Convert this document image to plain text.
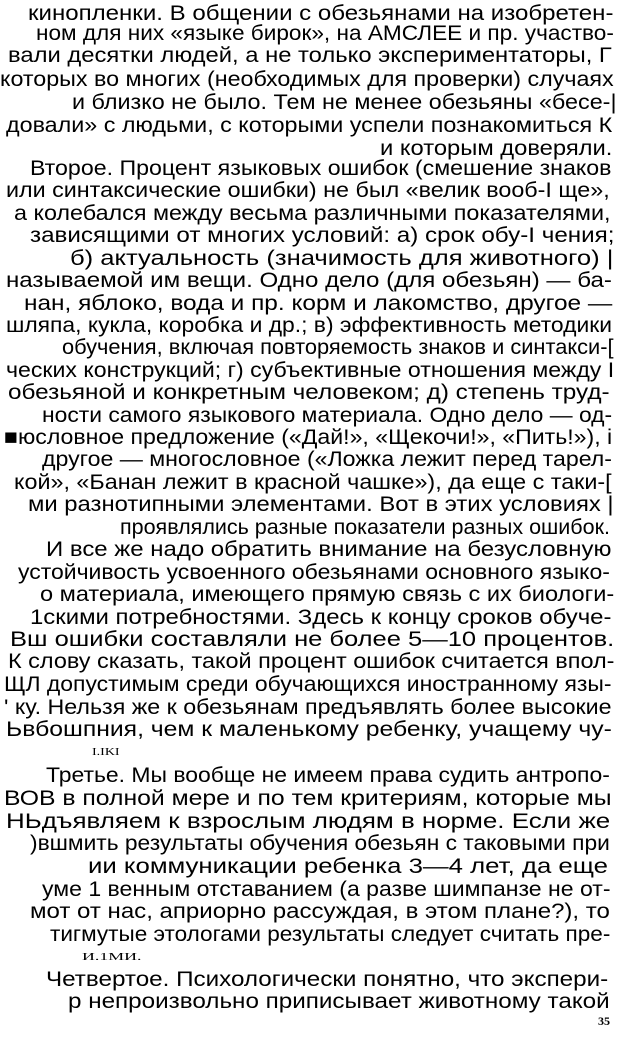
кинопленки. В общении с обезьянами на изобретен-
ном для них «языке бирок», на АМСЛЕЕ и пр. участво-
вали десятки людей, а не только экспериментаторы, Г
которых во многих (необходимых для проверки) случаях
и близко не было. Тем не менее обезьяны «бесе-|
довали» с людьми, с которыми успели познакомиться К
и которым доверяли.
Второе. Процент языковых ошибок (смешение знаков
или синтаксические ошибки) не был «велик вооб-I ще»,
а колебался между весьма различными показателями,
зависящими от многих условий: а) срок обу-I чения;
б) актуальность (значимость для животного) |
называемой им вещи. Одно дело (для обезьян) — ба-
нан, яблоко, вода и пр. корм и лакомство, другое —
шляпа, кукла, коробка и др.; в) эффективность методики
обучения, включая повторяемость знаков и синтакси-[
ческих конструкций; г) субъективные отношения между I
обезьяной и конкретным человеком; д) степень труд-
ности самого языкового материала. Одно дело — од-
■юсловное предложение («Дай!», «Щекочи!», «Пить!»), i
другое — многословное («Ложка лежит перед тарел-
кой», «Банан лежит в красной чашке»), да еще с таки-[
ми разнотипными элементами. Вот в этих условиях |
проявлялись разные показатели разных ошибок.
И все же надо обратить внимание на безусловную
устойчивость усвоенного обезьянами основного языко-
о материала, имеющего прямую связь с их биологи-
1скими потребностями. Здесь к концу сроков обуче-
Вш ошибки составляли не более 5—10 процентов.
К слову сказать, такой процент ошибок считается впол-
ЩЛ допустимым среди обучающихся иностранному язы-
' ку. Нельзя же к обезьянам предъявлять более высокие
Ьвбошпния, чем к маленькому ребенку, учащему чу-
I.IKI
Третье. Мы вообще не имеем права судить антропо-
ВОВ в полной мере и по тем критериям, которые мы
НЬдъявляем к взрослым людям в норме. Если же
)вшмить результаты обучения обезьян с таковыми при
ии коммуникации ребенка 3—4 лет, да еще
уме 1 венным отставанием (а разве шимпанзе не от-
мот от нас, априорно рассуждая, в этом плане?), то
тигмутые этологами результаты следует считать пре-
И.1МИ.
Четвертое. Психологически понятно, что экспери-
р непроизвольно приписывает животному такой
35
